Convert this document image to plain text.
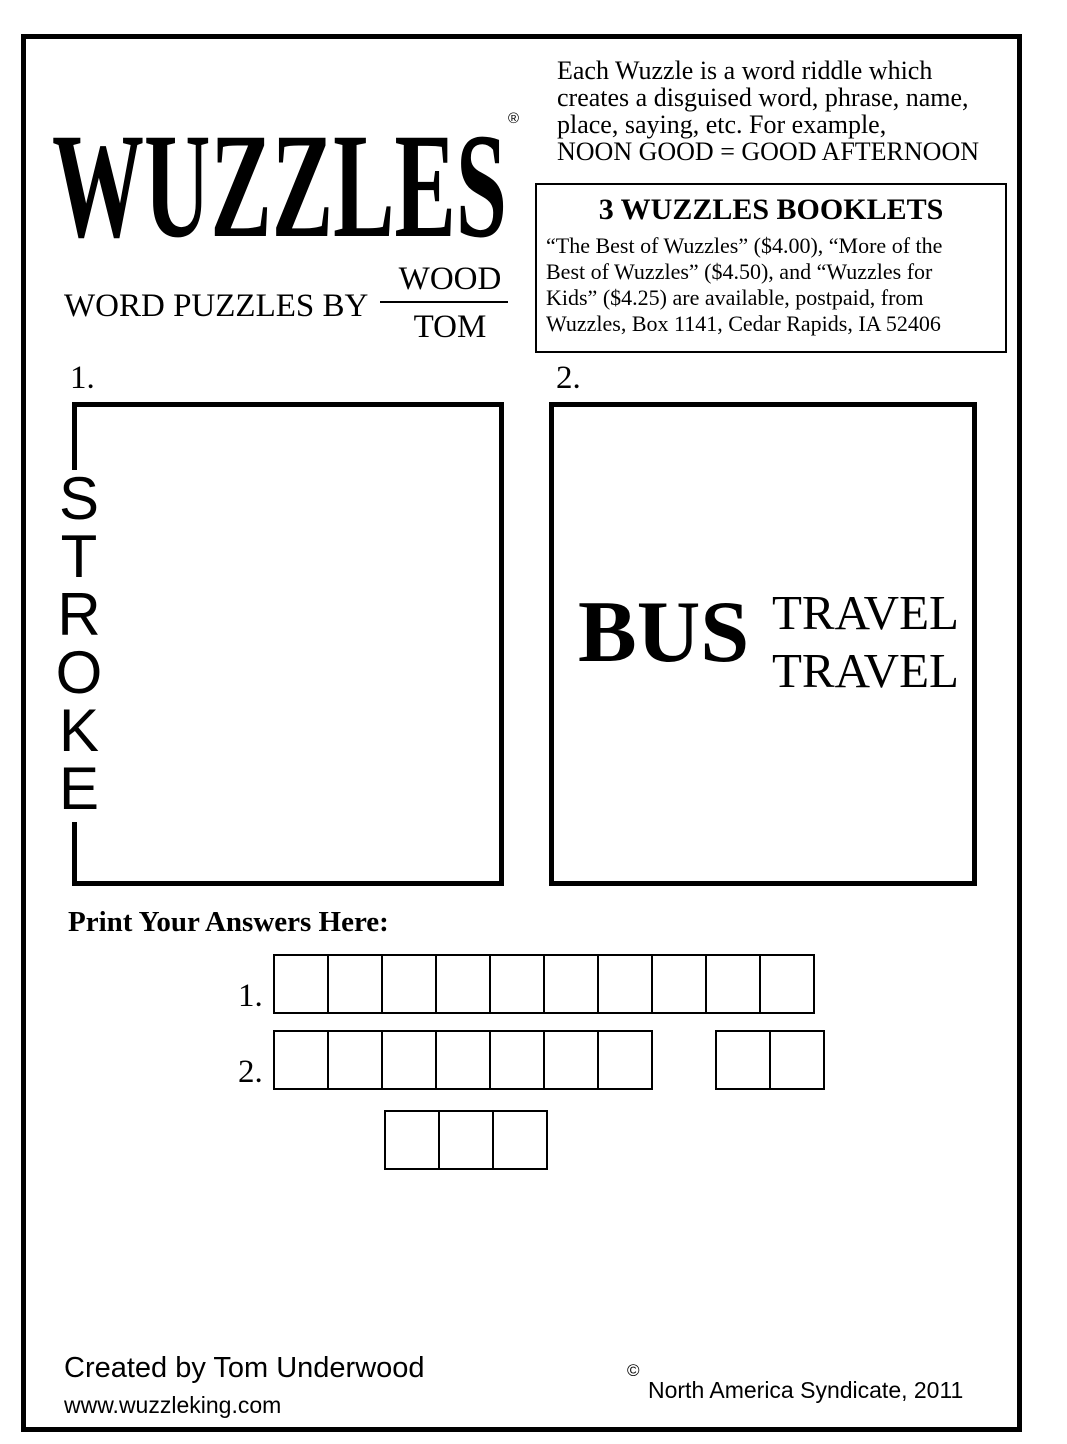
WUZZLES ®
WORD PUZZLES BY
WOOD
TOM
Each Wuzzle is a word riddle which
creates a disguised word, phrase, name,
place, saying, etc. For example,
NOON GOOD = GOOD AFTERNOON
3 WUZZLES BOOKLETS
“The Best of Wuzzles” ($4.00), “More of the
Best of Wuzzles” ($4.50), and “Wuzzles for
Kids” ($4.25) are available, postpaid, from
Wuzzles, Box 1141, Cedar Rapids, IA 52406
1.	2.
S
T
R
O
K
E
BUS TRAVEL
TRAVEL
Print Your Answers Here:
1.
2.
Created by Tom Underwood
www.wuzzleking.com
©
North America Syndicate, 2011
